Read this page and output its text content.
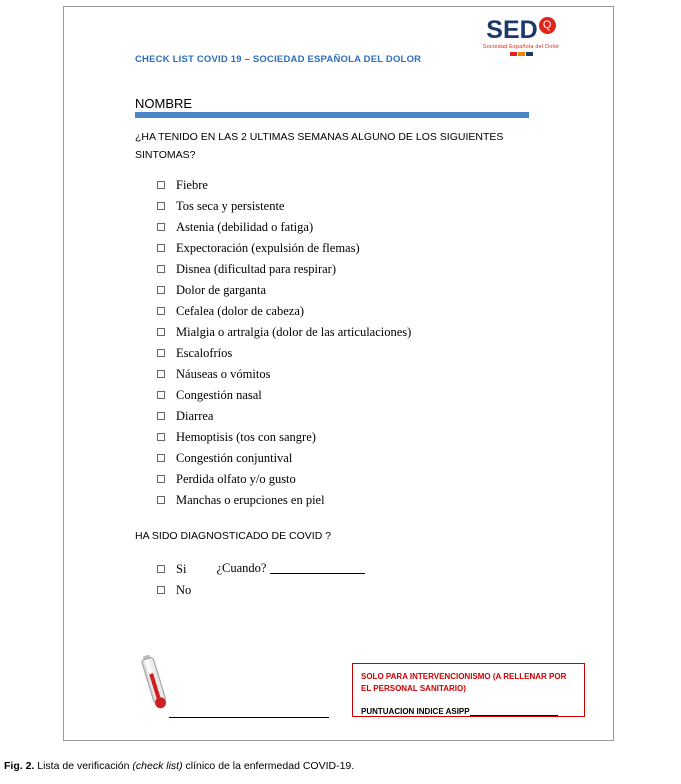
SED Q
Sociedad Española del Dolor
CHECK LIST COVID 19 – SOCIEDAD ESPAÑOLA DEL DOLOR
NOMBRE
¿HA TENIDO EN LAS 2 ULTIMAS SEMANAS ALGUNO DE LOS SIGUIENTES SINTOMAS?
Fiebre
Tos seca y persistente
Astenia (debilidad o fatiga)
Expectoración (expulsión de flemas)
Disnea (dificultad para respirar)
Dolor de garganta
Cefalea (dolor de cabeza)
Mialgia o artralgia (dolor de las articulaciones)
Escalofríos
Náuseas o vómitos
Congestión nasal
Diarrea
Hemoptisis (tos con sangre)
Congestión conjuntival
Perdida olfato y/o gusto
Manchas o erupciones en piel
HA SIDO DIAGNOSTICADO DE COVID ?
Si ¿Cuando?
No
SOLO PARA INTERVENCIONISMO (A RELLENAR POR EL PERSONAL SANITARIO)
PUNTUACION INDICE ASIPP
Fig. 2. Lista de verificación (check list) clínico de la enfermedad COVID-19.
